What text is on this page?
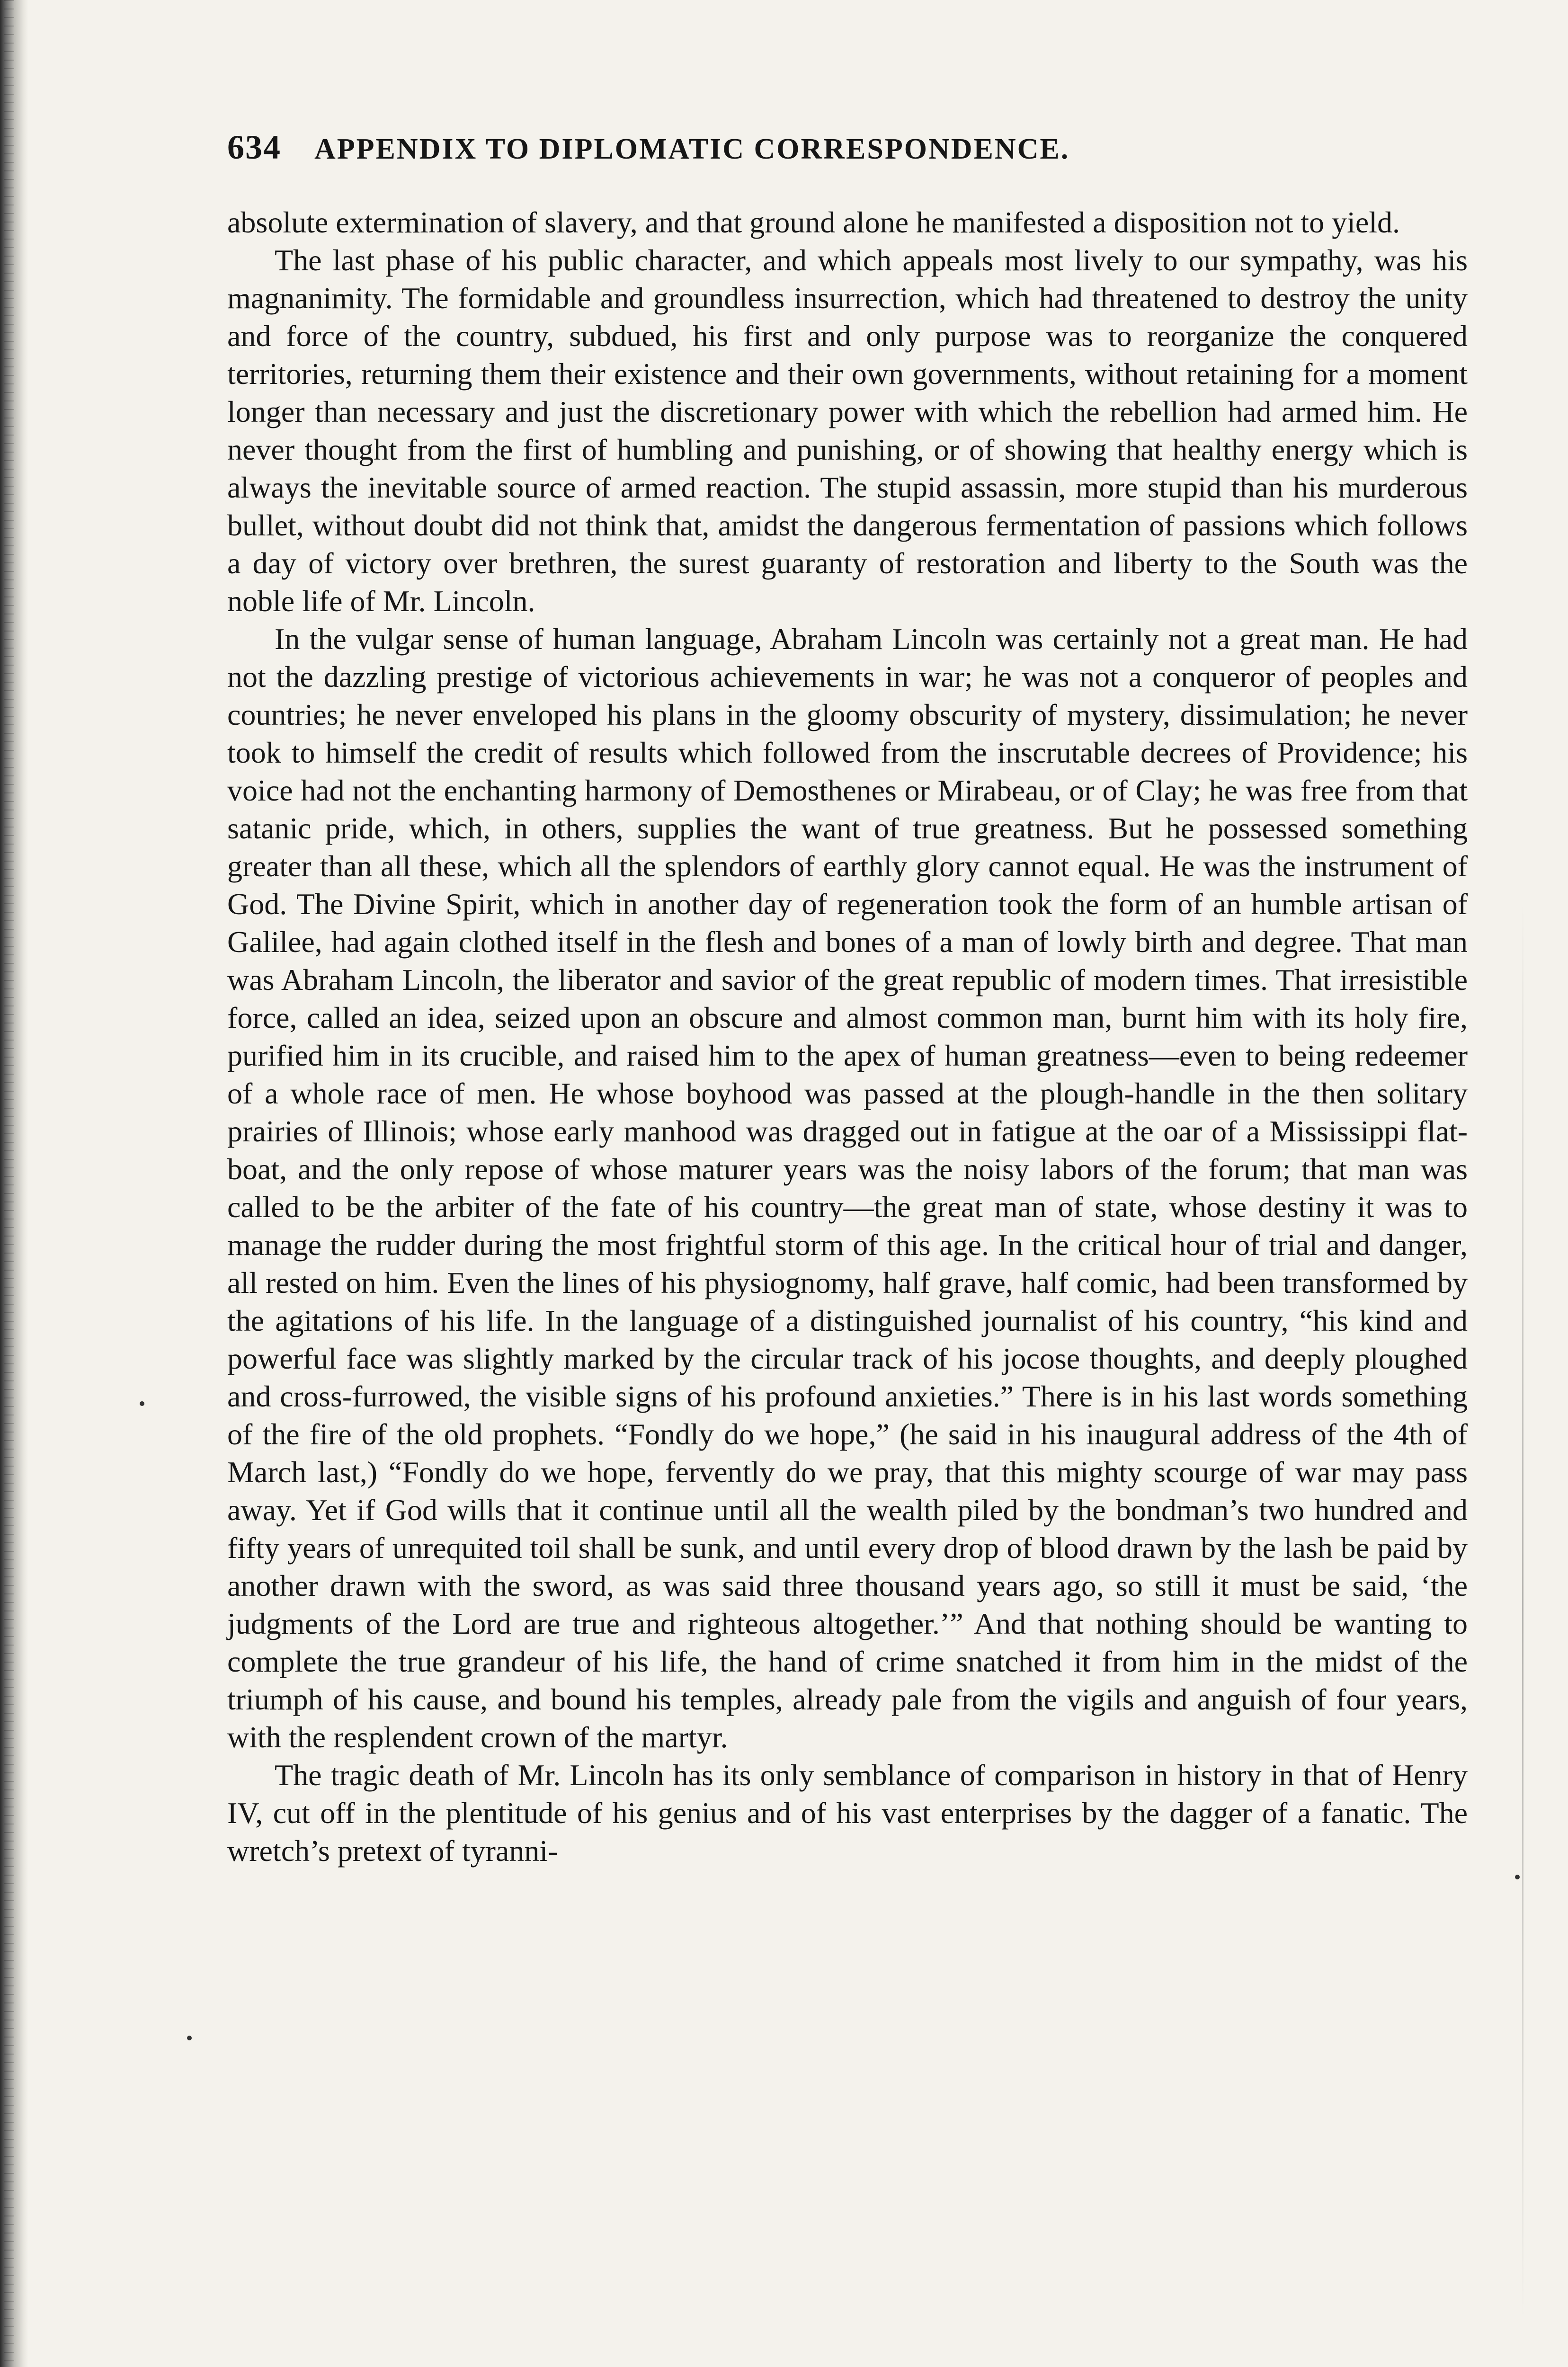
634 APPENDIX TO DIPLOMATIC CORRESPONDENCE.

absolute extermination of slavery, and that ground alone he manifested a disposition not to yield.

The last phase of his public character, and which appeals most lively to our sympathy, was his magnanimity. The formidable and groundless insurrection, which had threatened to destroy the unity and force of the country, subdued, his first and only purpose was to reorganize the conquered territories, returning them their existence and their own governments, without retaining for a moment longer than necessary and just the discretionary power with which the rebellion had armed him. He never thought from the first of humbling and punishing, or of showing that healthy energy which is always the inevitable source of armed reaction. The stupid assassin, more stupid than his murderous bullet, without doubt did not think that, amidst the dangerous fermentation of passions which follows a day of victory over brethren, the surest guaranty of restoration and liberty to the South was the noble life of Mr. Lincoln.

In the vulgar sense of human language, Abraham Lincoln was certainly not a great man. He had not the dazzling prestige of victorious achievements in war; he was not a conqueror of peoples and countries; he never enveloped his plans in the gloomy obscurity of mystery, dissimulation; he never took to himself the credit of results which followed from the inscrutable decrees of Providence; his voice had not the enchanting harmony of Demosthenes or Mirabeau, or of Clay; he was free from that satanic pride, which, in others, supplies the want of true greatness. But he possessed something greater than all these, which all the splendors of earthly glory cannot equal. He was the instrument of God. The Divine Spirit, which in another day of regeneration took the form of an humble artisan of Galilee, had again clothed itself in the flesh and bones of a man of lowly birth and degree. That man was Abraham Lincoln, the liberator and savior of the great republic of modern times. That irresistible force, called an idea, seized upon an obscure and almost common man, burnt him with its holy fire, purified him in its crucible, and raised him to the apex of human greatness—even to being redeemer of a whole race of men. He whose boyhood was passed at the plough-handle in the then solitary prairies of Illinois; whose early manhood was dragged out in fatigue at the oar of a Mississippi flat-boat, and the only repose of whose maturer years was the noisy labors of the forum; that man was called to be the arbiter of the fate of his country—the great man of state, whose destiny it was to manage the rudder during the most frightful storm of this age. In the critical hour of trial and danger, all rested on him. Even the lines of his physiognomy, half grave, half comic, had been transformed by the agitations of his life. In the language of a distinguished journalist of his country, “his kind and powerful face was slightly marked by the circular track of his jocose thoughts, and deeply ploughed and cross-furrowed, the visible signs of his profound anxieties.” There is in his last words something of the fire of the old prophets. “Fondly do we hope,” (he said in his inaugural address of the 4th of March last,) “Fondly do we hope, fervently do we pray, that this mighty scourge of war may pass away. Yet if God wills that it continue until all the wealth piled by the bondman’s two hundred and fifty years of unrequited toil shall be sunk, and until every drop of blood drawn by the lash be paid by another drawn with the sword, as was said three thousand years ago, so still it must be said, ‘the judgments of the Lord are true and righteous altogether.’” And that nothing should be wanting to complete the true grandeur of his life, the hand of crime snatched it from him in the midst of the triumph of his cause, and bound his temples, already pale from the vigils and anguish of four years, with the resplendent crown of the martyr.

The tragic death of Mr. Lincoln has its only semblance of comparison in history in that of Henry IV, cut off in the plentitude of his genius and of his vast enterprises by the dagger of a fanatic. The wretch’s pretext of tyranni-
